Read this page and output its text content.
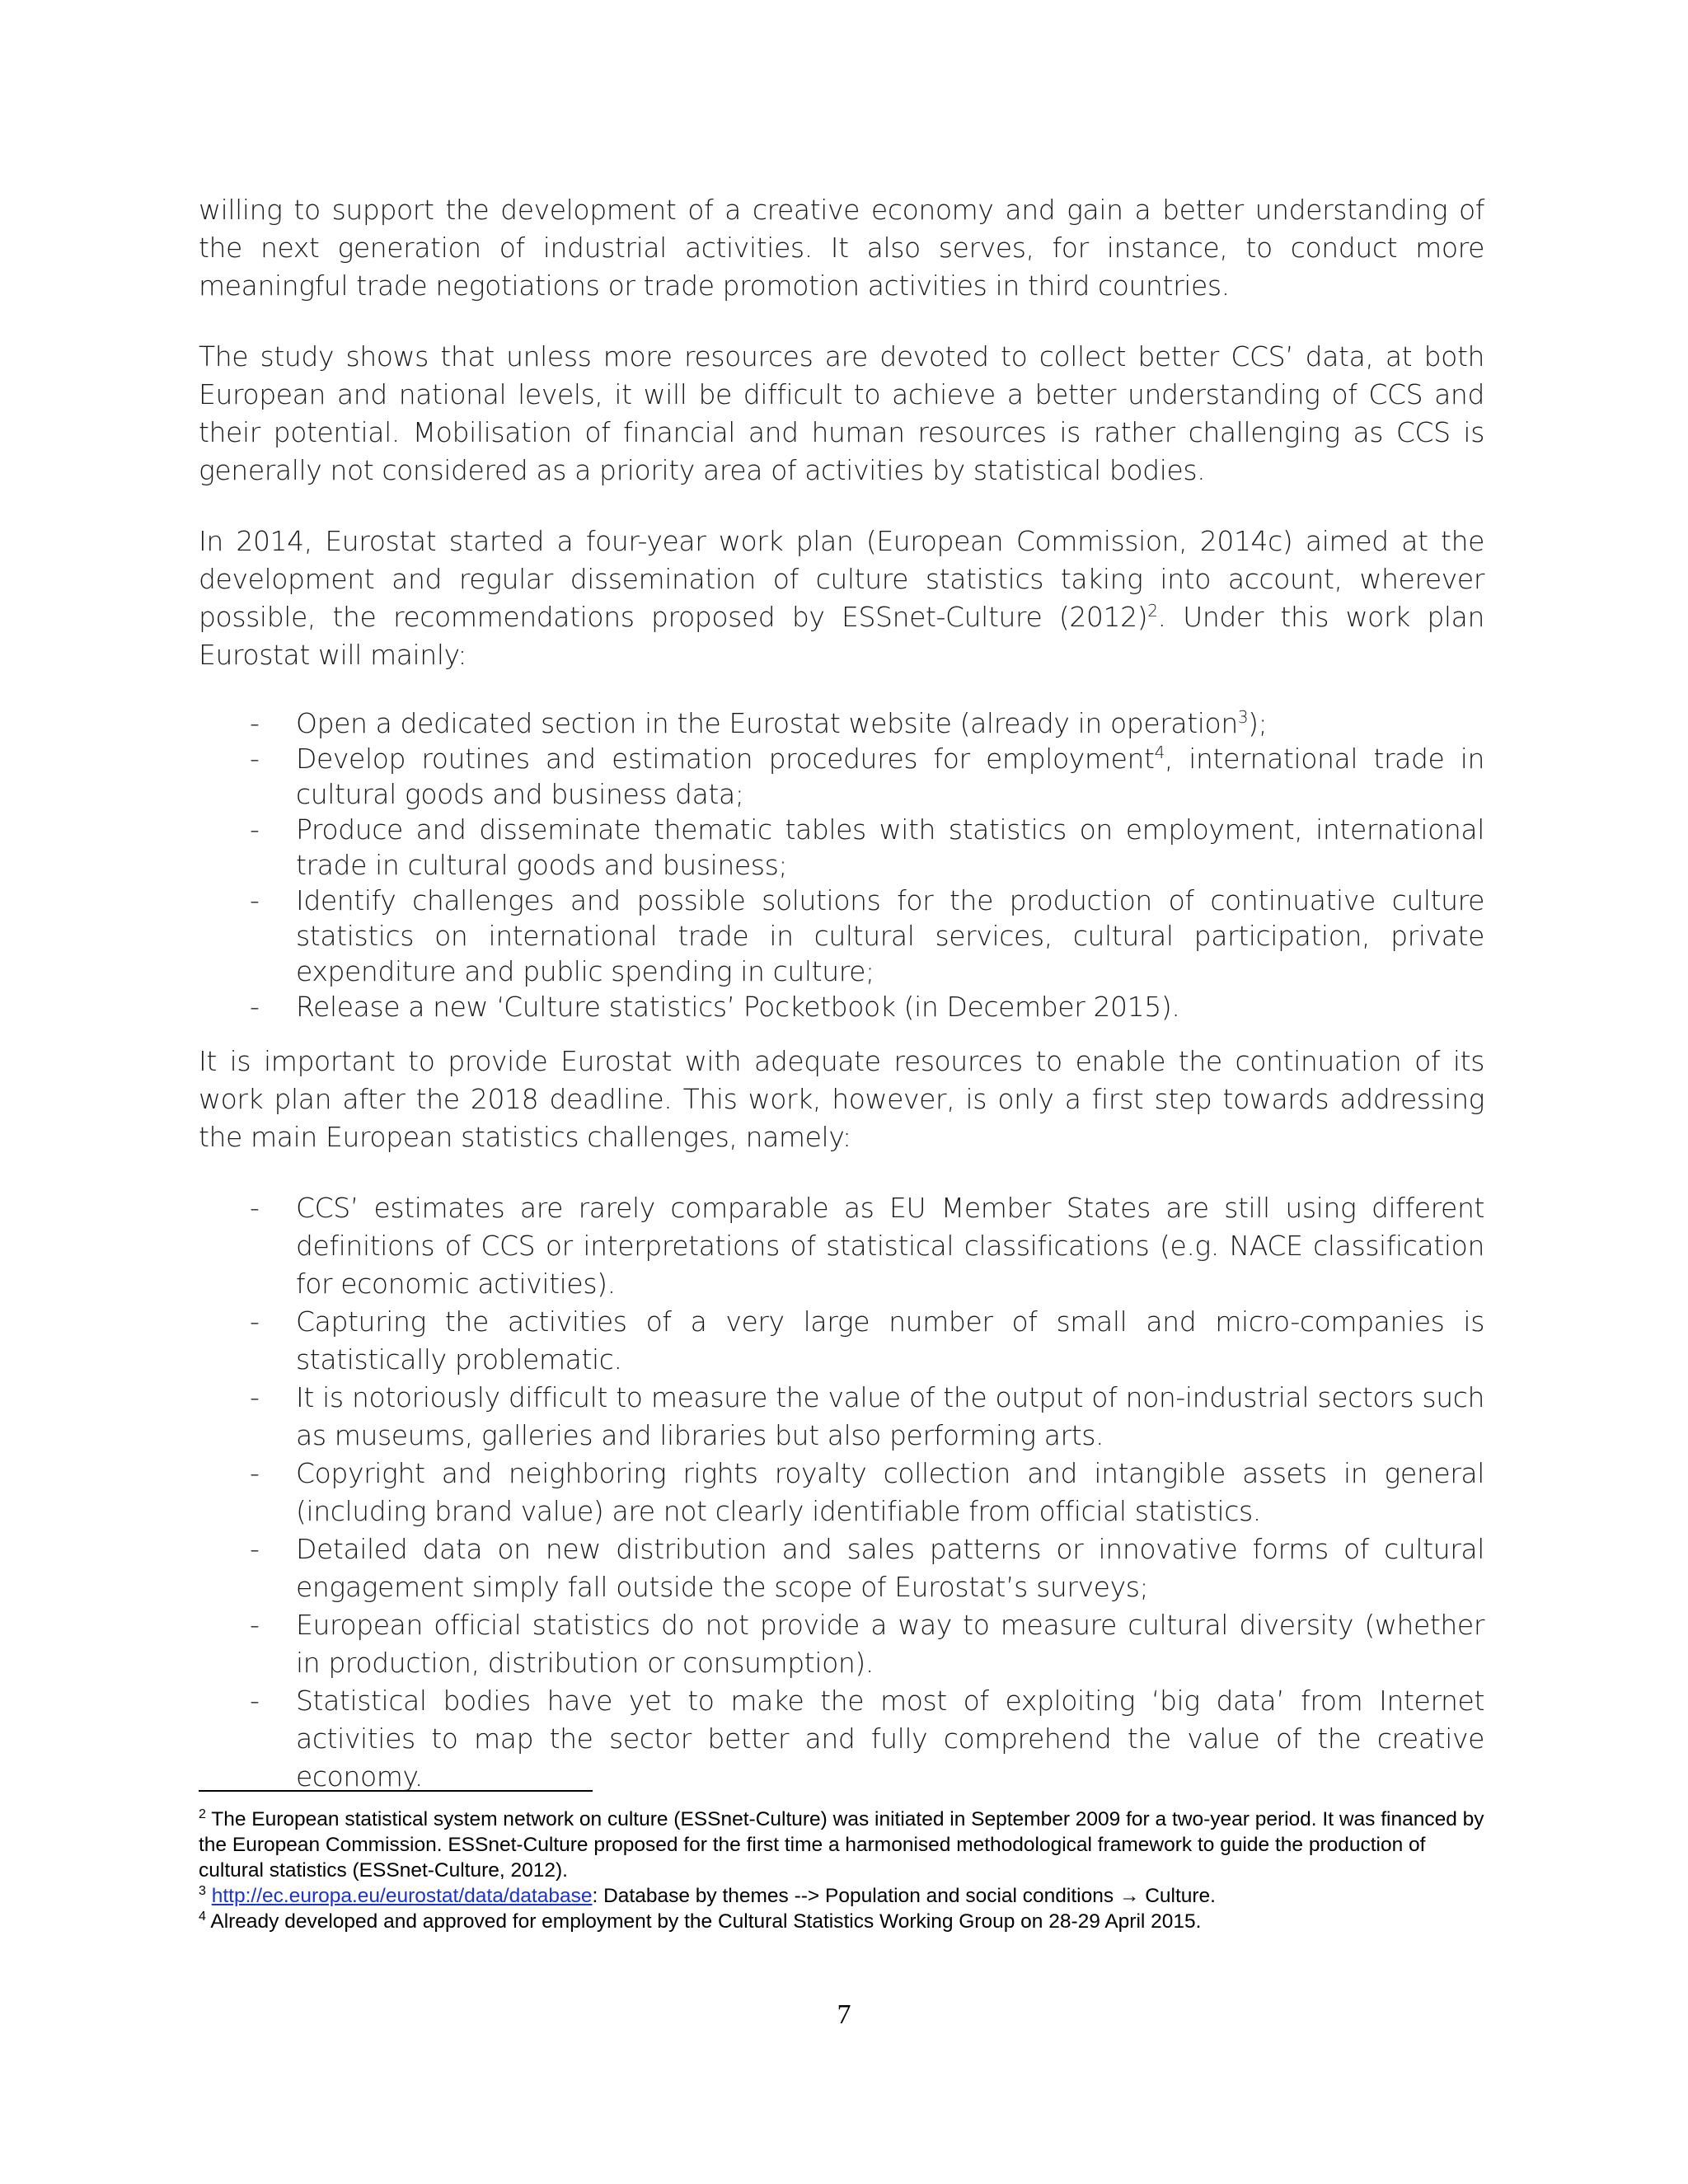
willing to support the development of a creative economy and gain a better understanding of the next generation of industrial activities. It also serves, for instance, to conduct more meaningful trade negotiations or trade promotion activities in third countries.

The study shows that unless more resources are devoted to collect better CCS’ data, at both European and national levels, it will be difficult to achieve a better understanding of CCS and their potential. Mobilisation of financial and human resources is rather challenging as CCS is generally not considered as a priority area of activities by statistical bodies.

In 2014, Eurostat started a four-year work plan (European Commission, 2014c) aimed at the development and regular dissemination of culture statistics taking into account, wherever possible, the recommendations proposed by ESSnet-Culture $(2012)^2$. Under this work plan Eurostat will mainly:

- Open a dedicated section in the Eurostat website (already in operation$^3$);
- Develop routines and estimation procedures for employment$^4$, international trade in cultural goods and business data;
- Produce and disseminate thematic tables with statistics on employment, international trade in cultural goods and business;
- Identify challenges and possible solutions for the production of continuative culture statistics on international trade in cultural services, cultural participation, private expenditure and public spending in culture;
- Release a new ‘Culture statistics’ Pocketbook (in December 2015).

It is important to provide Eurostat with adequate resources to enable the continuation of its work plan after the 2018 deadline. This work, however, is only a first step towards addressing the main European statistics challenges, namely:

- CCS’ estimates are rarely comparable as EU Member States are still using different definitions of CCS or interpretations of statistical classifications (e.g. NACE classification for economic activities).
- Capturing the activities of a very large number of small and micro-companies is statistically problematic.
- It is notoriously difficult to measure the value of the output of non-industrial sectors such as museums, galleries and libraries but also performing arts.
- Copyright and neighboring rights royalty collection and intangible assets in general (including brand value) are not clearly identifiable from official statistics.
- Detailed data on new distribution and sales patterns or innovative forms of cultural engagement simply fall outside the scope of Eurostat’s surveys;
- European official statistics do not provide a way to measure cultural diversity (whether in production, distribution or consumption).
- Statistical bodies have yet to make the most of exploiting ‘big data’ from Internet activities to map the sector better and fully comprehend the value of the creative economy.

$^2$ The European statistical system network on culture (ESSnet-Culture) was initiated in September 2009 for a two-year period. It was financed by the European Commission. ESSnet-Culture proposed for the first time a harmonised methodological framework to guide the production of cultural statistics (ESSnet-Culture, 2012).

$^3$ http://ec.europa.eu/eurostat/data/database: Database by themes --> Population and social conditions → Culture.

$^4$ Already developed and approved for employment by the Cultural Statistics Working Group on 28-29 April 2015.

7
